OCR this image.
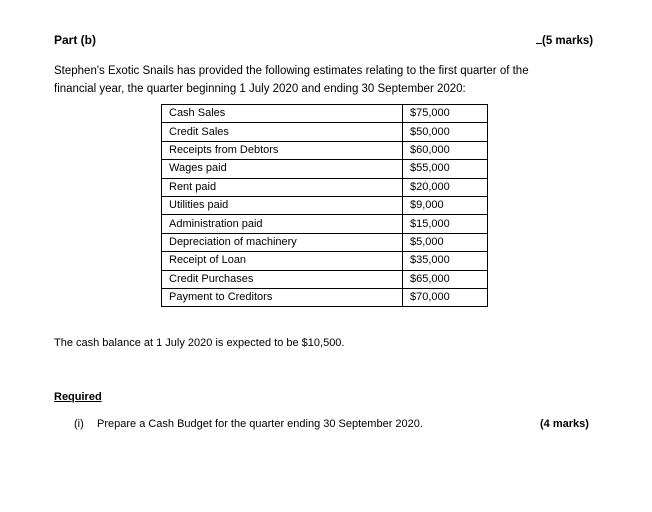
Part (b)	(5 marks)
Stephen's Exotic Snails has provided the following estimates relating to the first quarter of the
financial year, the quarter beginning 1 July 2020 and ending 30 September 2020:
Cash Sales	$75,000
Credit Sales	$50,000
Receipts from Debtors	$60,000
Wages paid	$55,000
Rent paid	$20,000
Utilities paid	$9,000
Administration paid	$15,000
Depreciation of machinery	$5,000
Receipt of Loan	$35,000
Credit Purchases	$65,000
Payment to Creditors	$70,000
The cash balance at 1 July 2020 is expected to be $10,500.
Required
(i) Prepare a Cash Budget for the quarter ending 30 September 2020.	(4 marks)
